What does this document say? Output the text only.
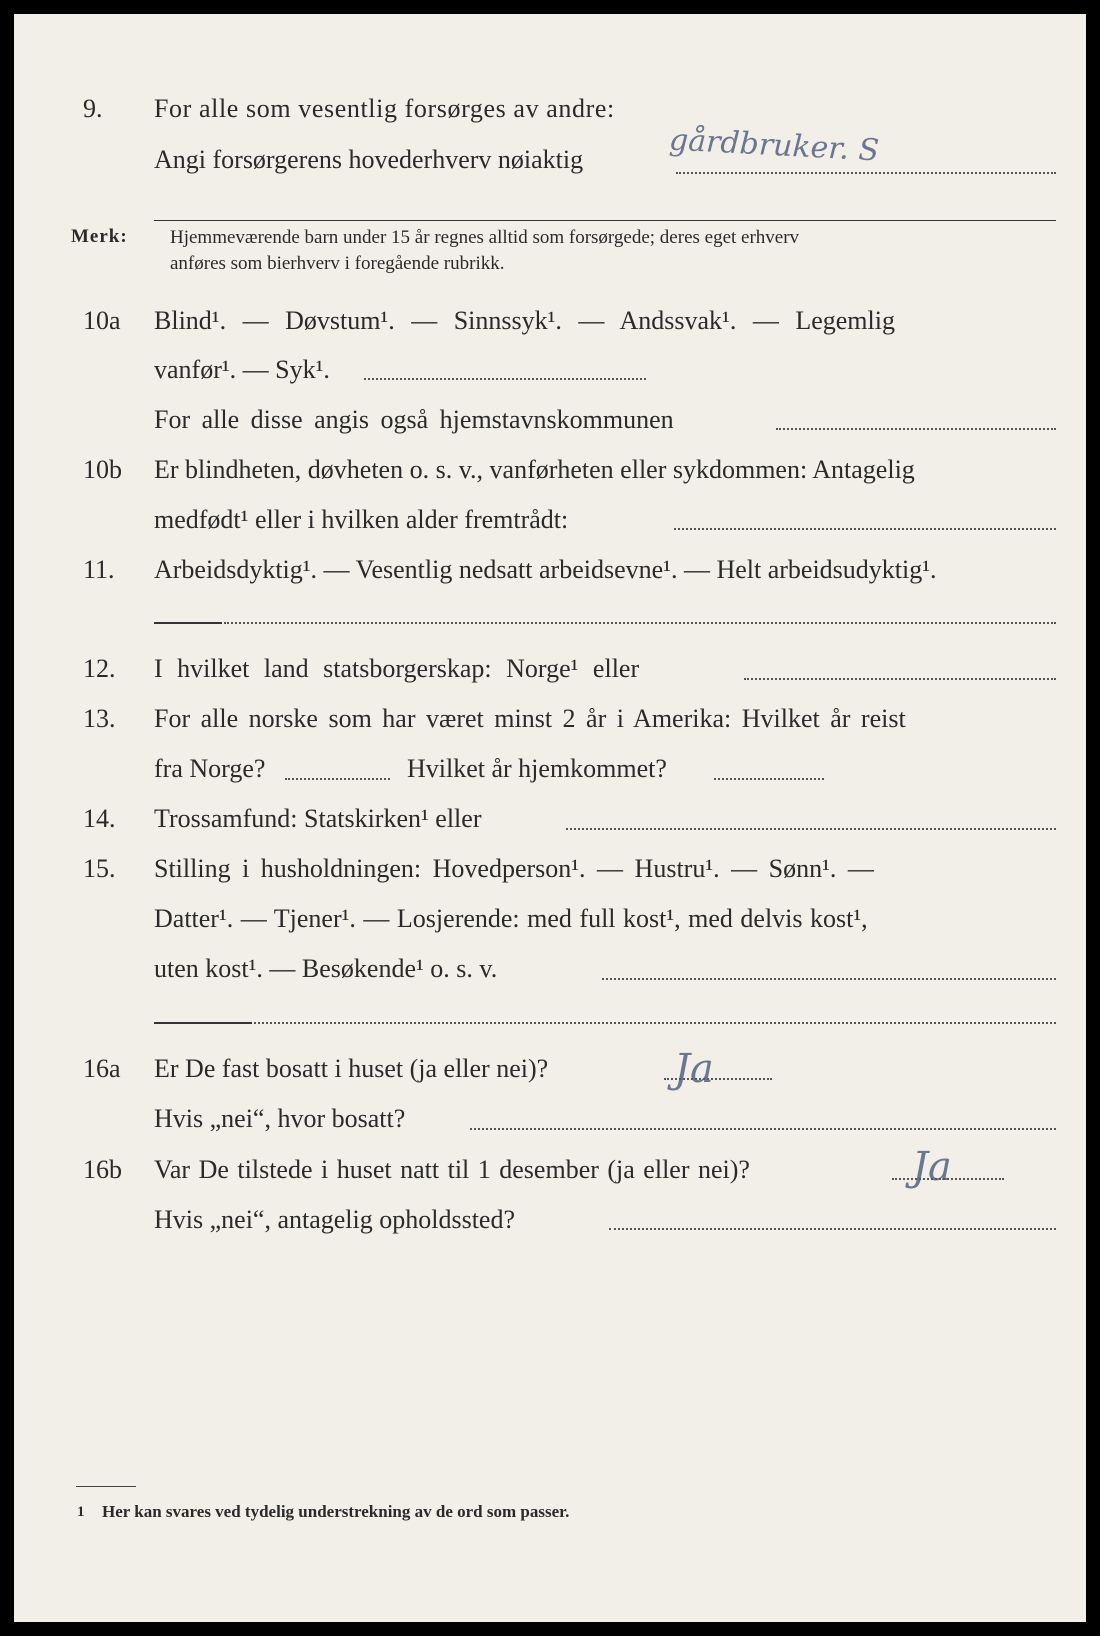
9. For alle som vesentlig forsørges av andre:
Angi forsørgerens hovederhverv nøiaktig	gårdbruker. S
Merk: Hjemmeværende barn under 15 år regnes alltid som forsørgede; deres eget erhverv
anføres som bierhverv i foregående rubrikk.
10a Blind¹. — Døvstum¹. — Sinnssyk¹. — Andssvak¹. — Legemlig
vanfør¹. — Syk¹.
For alle disse angis også hjemstavnskommunen
10b Er blindheten, døvheten o. s. v., vanførheten eller sykdommen: Antagelig
medfødt¹ eller i hvilken alder fremtrådt:
11. Arbeidsdyktig¹. — Vesentlig nedsatt arbeidsevne¹. — Helt arbeidsudyktig¹.
12. I hvilket land statsborgerskap: Norge¹ eller
13. For alle norske som har været minst 2 år i Amerika: Hvilket år reist
fra Norge?	Hvilket år hjemkommet?
14. Trossamfund: Statskirken¹ eller
15. Stilling i husholdningen: Hovedperson¹. — Hustru¹. — Sønn¹. —
Datter¹. — Tjener¹. — Losjerende: med full kost¹, med delvis kost¹,
uten kost¹. — Besøkende¹ o. s. v.
16a Er De fast bosatt i huset (ja eller nei)?	Ja
Hvis „nei“, hvor bosatt?
16b Var De tilstede i huset natt til 1 desember (ja eller nei)?	Ja
Hvis „nei“, antagelig opholdssted?
1 Her kan svares ved tydelig understrekning av de ord som passer.
